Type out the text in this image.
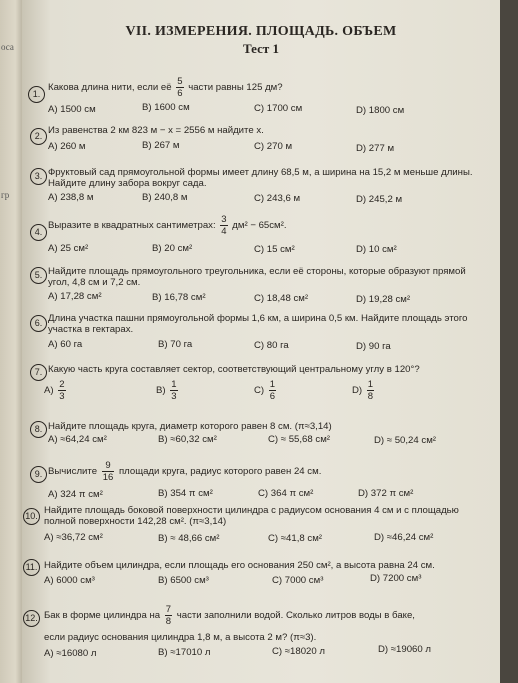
оса
гр
VII. ИЗМЕРЕНИЯ. ПЛОЩАДЬ. ОБЪЕМ
Тест 1
1.
Какова длина нити, если её $\frac{5}{6}$ части равны 125 дм?
A) 1500 см	B) 1600 см	C) 1700 см	D) 1800 см
2. Из равенства 2 км 823 м − x = 2556 м найдите x.
A) 260 м	B) 267 м	C) 270 м	D) 277 м
3. Фруктовый сад прямоугольной формы имеет длину 68,5 м, а ширина на 15,2 м меньше длины. Найдите длину забора вокруг сада.
A) 238,8 м	B) 240,8 м	C) 243,6 м	D) 245,2 м
4.
Выразите в квадратных сантиметрах: $\frac{3}{4} дм^2 - 65см^2$.
A) 25 см²	B) 20 см²	C) 15 см²	D) 10 см²
5. Найдите площадь прямоугольного треугольника, если её стороны, которые образуют прямой угол, 4,8 см и 7,2 см.
A) 17,28 см²	B) 16,78 см²	C) 18,48 см²	D) 19,28 см²
6. Длина участка пашни прямоугольной формы 1,6 км, а ширина 0,5 км. Найдите площадь этого участка в гектарах.
A) 60 га	B) 70 га	C) 80 га	D) 90 га
7. Какую часть круга составляет сектор, соответствующий центральному углу в 120°?
$A) \frac{2}{3}$	$B) \frac{1}{3}$	$C) \frac{1}{6}$	$D) \frac{1}{8}$
8. Найдите площадь круга, диаметр которого равен 8 см. (π≈3,14)
A) ≈64,24 см²	B) ≈60,32 см²	C) ≈ 55,68 см²	D) ≈ 50,24 см²
9. Вычислите $\frac{9}{16}$ площади круга, радиус которого равен 24 см.
A) 324 π см²	B) 354 π см²	C) 364 π см²	D) 372 π см²
10. Найдите площадь боковой поверхности цилиндра с радиусом основания 4 см и с площадью полной поверхности 142,28 см². (π≈3,14)
A) ≈36,72 см²	B) ≈ 48,66 см²	C) ≈41,8 см²	D) ≈46,24 см²
11. Найдите объем цилиндра, если площадь его основания 250 см², а высота равна 24 см.
A) 6000 см³	B) 6500 см³	C) 7000 см³	D) 7200 см³
12. Бак в форме цилиндра на $\frac{7}{8}$ части заполнили водой. Сколько литров воды в баке,
если радиус основания цилиндра 1,8 м, а высота 2 м? (π≈3).
A) ≈16080 л	B) ≈17010 л	C) ≈18020 л	D) ≈19060 л
